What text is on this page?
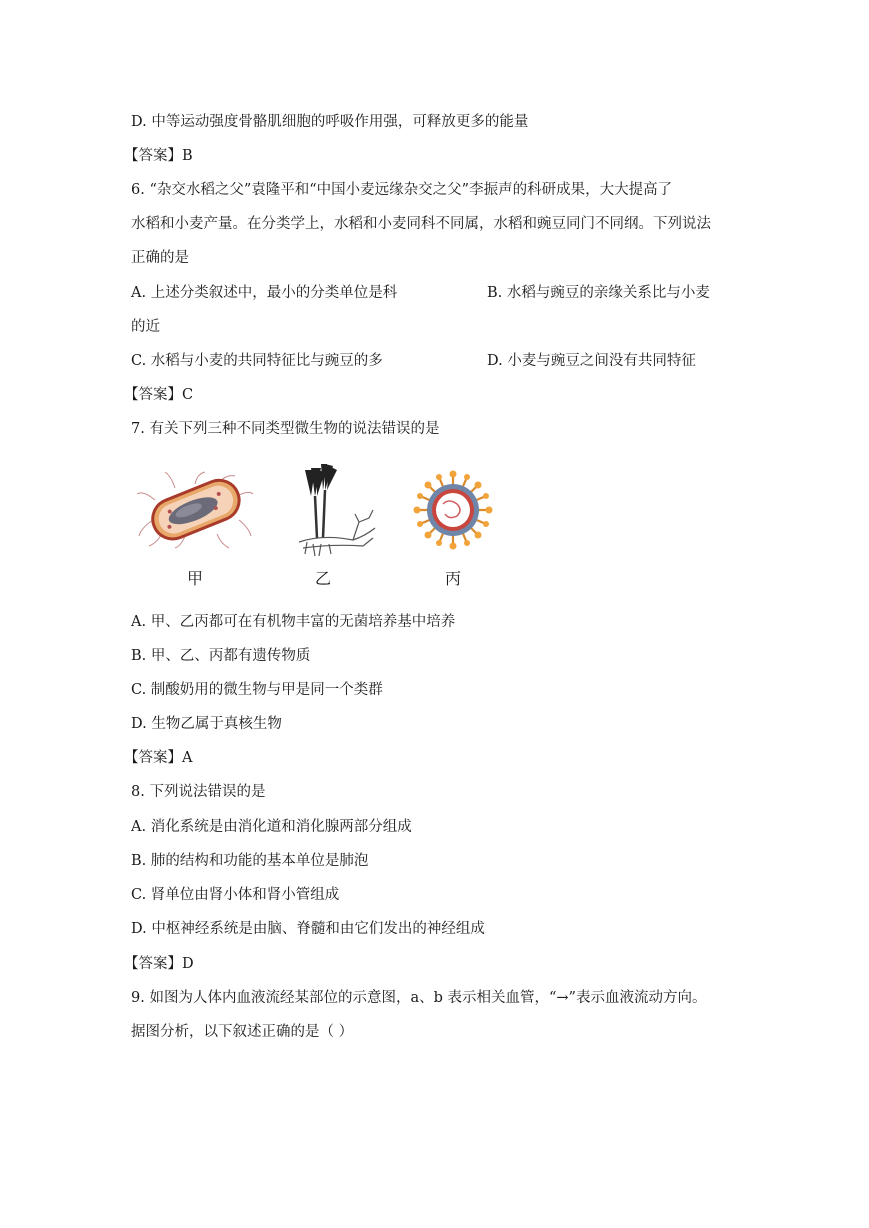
D. 中等运动强度骨骼肌细胞的呼吸作用强，可释放更多的能量
【答案】B
6. “杂交水稻之父”袁隆平和“中国小麦远缘杂交之父”李振声的科研成果，大大提高了
水稻和小麦产量。在分类学上，水稻和小麦同科不同属，水稻和豌豆同门不同纲。下列说法
正确的是
A. 上述分类叙述中，最小的分类单位是科	B. 水稻与豌豆的亲缘关系比与小麦
的近
C. 水稻与小麦的共同特征比与豌豆的多	D. 小麦与豌豆之间没有共同特征
【答案】C
7. 有关下列三种不同类型微生物的说法错误的是
甲	乙	丙
A. 甲、乙丙都可在有机物丰富的无菌培养基中培养
B. 甲、乙、丙都有遗传物质
C. 制酸奶用的微生物与甲是同一个类群
D. 生物乙属于真核生物
【答案】A
8. 下列说法错误的是
A. 消化系统是由消化道和消化腺两部分组成
B. 肺的结构和功能的基本单位是肺泡
C. 肾单位由肾小体和肾小管组成
D. 中枢神经系统是由脑、脊髓和由它们发出的神经组成
【答案】D
9. 如图为人体内血液流经某部位的示意图，a、b 表示相关血管，“→”表示血液流动方向。
据图分析，以下叙述正确的是（ ）
